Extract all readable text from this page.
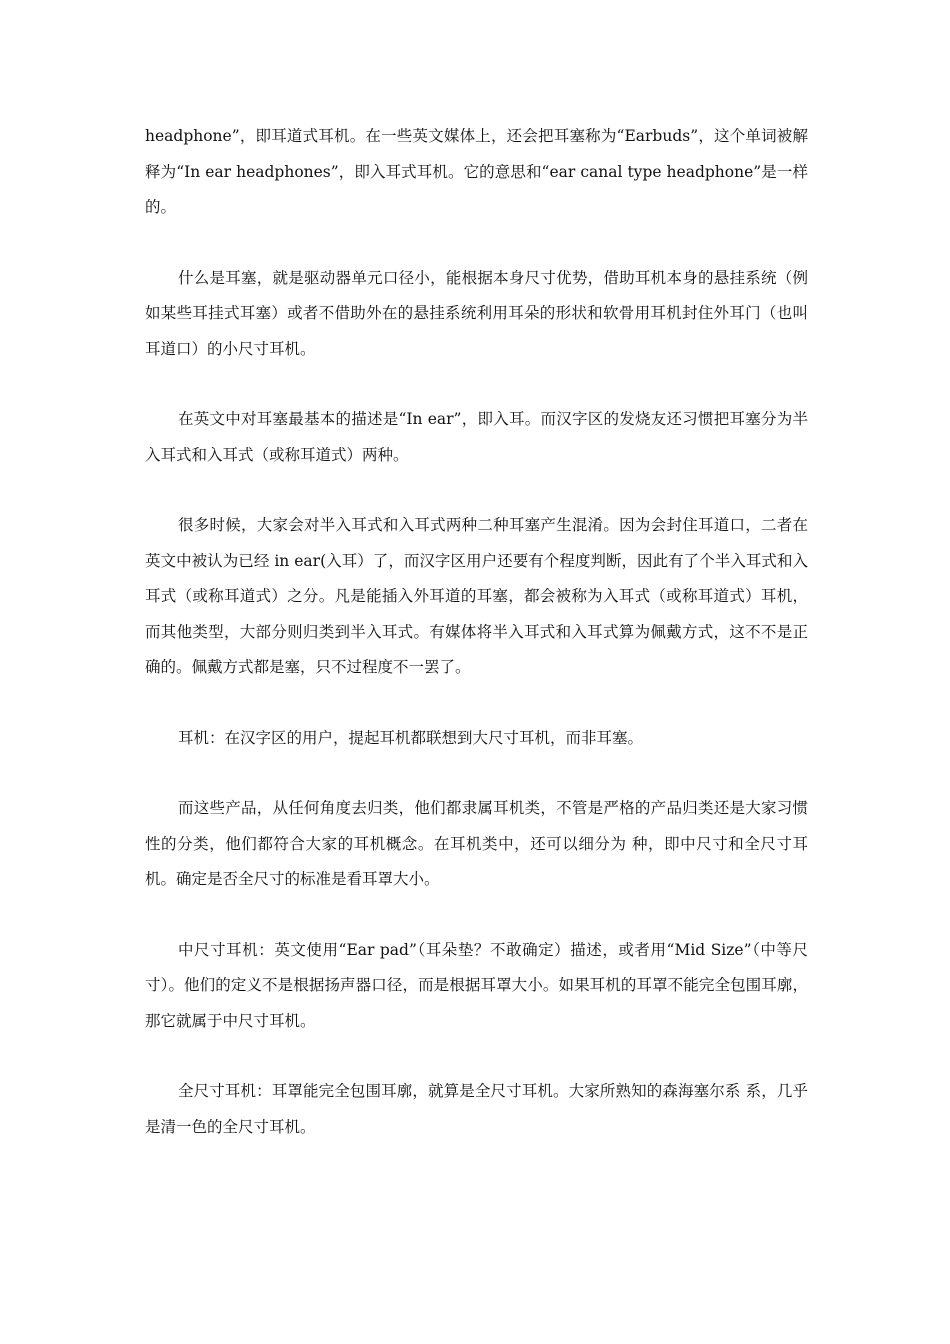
headphone”，即耳道式耳机。在一些英文媒体上，还会把耳塞称为“Earbuds”，这个单词被解释为“In ear headphones”，即入耳式耳机。它的意思和“ear canal type headphone”是一样的。

什么是耳塞，就是驱动器单元口径小，能根据本身尺寸优势，借助耳机本身的悬挂系统（例如某些耳挂式耳塞）或者不借助外在的悬挂系统利用耳朵的形状和软骨用耳机封住外耳门（也叫耳道口）的小尺寸耳机。

在英文中对耳塞最基本的描述是“In ear”，即入耳。而汉字区的发烧友还习惯把耳塞分为半入耳式和入耳式（或称耳道式）两种。

很多时候，大家会对半入耳式和入耳式两种二种耳塞产生混淆。因为会封住耳道口，二者在英文中被认为已经 in ear(入耳）了，而汉字区用户还要有个程度判断，因此有了个半入耳式和入耳式（或称耳道式）之分。凡是能插入外耳道的耳塞，都会被称为入耳式（或称耳道式）耳机，而其他类型，大部分则归类到半入耳式。有媒体将半入耳式和入耳式算为佩戴方式，这不不是正确的。佩戴方式都是塞，只不过程度不一罢了。

耳机：在汉字区的用户，提起耳机都联想到大尺寸耳机，而非耳塞。

而这些产品，从任何角度去归类，他们都隶属耳机类，不管是严格的产品归类还是大家习惯性的分类，他们都符合大家的耳机概念。在耳机类中，还可以细分为 种，即中尺寸和全尺寸耳机。确定是否全尺寸的标准是看耳罩大小。

中尺寸耳机：英文使用“Ear pad”（耳朵垫？不敢确定）描述，或者用“Mid Size”（中等尺寸）。他们的定义不是根据扬声器口径，而是根据耳罩大小。如果耳机的耳罩不能完全包围耳廓，那它就属于中尺寸耳机。

全尺寸耳机：耳罩能完全包围耳廓，就算是全尺寸耳机。大家所熟知的森海塞尔系 系，几乎是清一色的全尺寸耳机。
